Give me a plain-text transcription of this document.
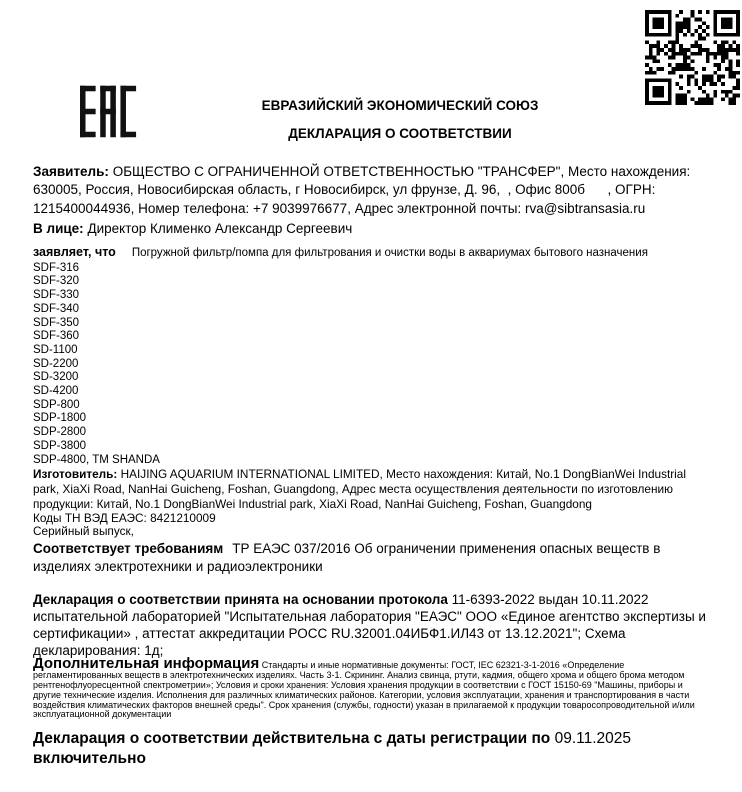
ЕВРАЗИЙСКИЙ ЭКОНОМИЧЕСКИЙ СОЮЗ
ДЕКЛАРАЦИЯ О СООТВЕТСТВИИ

Заявитель: ОБЩЕСТВО С ОГРАНИЧЕННОЙ ОТВЕТСТВЕННОСТЬЮ "ТРАНСФЕР", Место нахождения: 630005, Россия, Новосибирская область, г Новосибирск, ул фрунзе, Д. 96,  , Офис 800б      , ОГРН: 1215400044936, Номер телефона: +7 9039976677, Адрес электронной почты: rva@sibtransasia.ru

В лице: Директор Клименко Александр Сергеевич

заявляет, что Погружной фильтр/помпа для фильтрования и очистки воды в аквариумах бытового назначения

SDF-316
SDF-320
SDF-330
SDF-340
SDF-350
SDF-360
SD-1100
SD-2200
SD-3200
SD-4200
SDP-800
SDP-1800
SDP-2800
SDP-3800
SDP-4800, TM SHANDA

Изготовитель: HAIJING AQUARIUM INTERNATIONAL LIMITED, Место нахождения: Китай, No.1 DongBianWei Industrial park, XiaXi Road, NanHai Guicheng, Foshan, Guangdong, Адрес места осуществления деятельности по изготовлению продукции: Китай, No.1 DongBianWei Industrial park, XiaXi Road, NanHai Guicheng, Foshan, Guangdong

Коды ТН ВЭД ЕАЭС: 8421210009
Серийный выпуск,

Соответствует требованиям ТР ЕАЭС 037/2016 Об ограничении применения опасных веществ в изделиях электротехники и радиоэлектроники

Декларация о соответствии принята на основании протокола 11-6393-2022 выдан 10.11.2022 испытательной лабораторией "Испытательная лаборатория "ЕАЭС" ООО «Единое агентство экспертизы и сертификации» , аттестат аккредитации РОСС RU.32001.04ИБФ1.ИЛ43 от 13.12.2021"; Схема декларирования: 1д;

Дополнительная информация Стандарты и иные нормативные документы: ГОСТ, IEC 62321-3-1-2016 «Определение регламентированных веществ в электротехнических изделиях. Часть 3-1. Скрининг. Анализ свинца, ртути, кадмия, общего хрома и общего брома методом рентгенофлуоресцентной спектрометрии»; Условия и сроки хранения: Условия хранения продукции в соответствии с ГОСТ 15150-69 "Машины, приборы и другие технические изделия. Исполнения для различных климатических районов. Категории, условия эксплуатации, хранения и транспортирования в части воздействия климатических факторов внешней среды". Срок хранения (службы, годности) указан в прилагаемой к продукции товаросопроводительной и/или эксплуатационной документации

Декларация о соответствии действительна с даты регистрации по 09.11.2025
включительно
